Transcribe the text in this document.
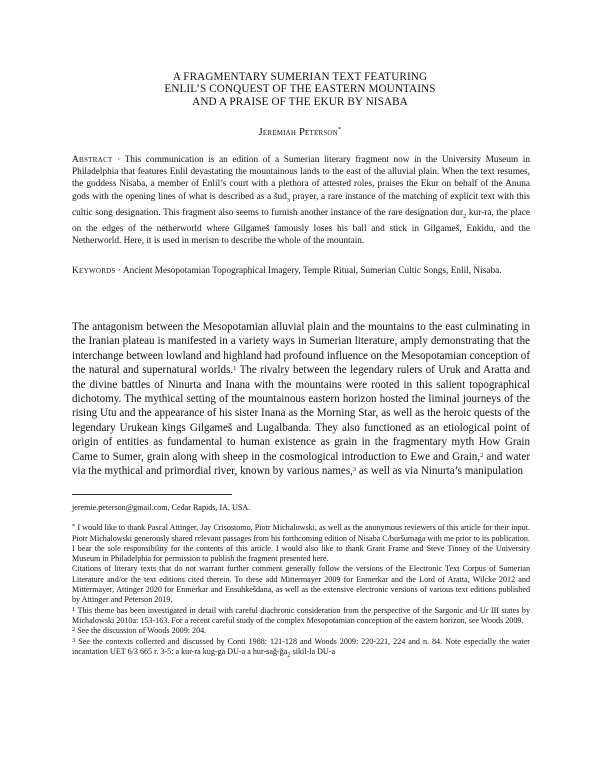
A FRAGMENTARY SUMERIAN TEXT FEATURING
ENLIL’S CONQUEST OF THE EASTERN MOUNTAINS
AND A PRAISE OF THE EKUR BY NISABA
Jeremiah Peterson*
Abstract · This communication is an edition of a Sumerian literary fragment now in the University Museum in Philadelphia that features Enlil devastating the mountainous lands to the east of the alluvial plain. When the text resumes, the goddess Nisaba, a member of Enlil’s court with a plethora of attested roles, praises the Ekur on behalf of the Anuna gods with the opening lines of what is described as a šud$_3$ prayer, a rare instance of the matching of explicit text with this cultic song designation. This fragment also seems to furnish another instance of the rare designation dur$_2$ kur-ra, the place on the edges of the netherworld where Gilgameš famously loses his ball and stick in Gilgameš, Enkidu, and the Netherworld. Here, it is used in merism to describe the whole of the mountain.
Keywords · Ancient Mesopotamian Topographical Imagery, Temple Ritual, Sumerian Cultic Songs, Enlil, Nisaba.

The antagonism between the Mesopotamian alluvial plain and the mountains to the east culminating in the Iranian plateau is manifested in a variety ways in Sumerian literature, amply demonstrating that the interchange between lowland and highland had profound influence on the Mesopotamian conception of the natural and supernatural worlds.$^1$ The rivalry between the legendary rulers of Uruk and Aratta and the divine battles of Ninurta and Inana with the mountains were rooted in this salient topographical dichotomy. The mythical setting of the mountainous eastern horizon hosted the liminal journeys of the rising Utu and the appearance of his sister Inana as the Morning Star, as well as the heroic quests of the legendary Urukean kings Gilgameš and Lugalbanda. They also functioned as an etiological point of origin of entities as fundamental to human existence as grain in the fragmentary myth How Grain Came to Sumer, grain along with sheep in the cosmological introduction to Ewe and Grain,$^2$ and water via the mythical and primordial river, known by various names,$^3$ as well as via Ninurta’s manipulation

jeremie.peterson@gmail.com, Cedar Rapids, IA, USA.

* I would like to thank Pascal Attinger, Jay Crisostomo, Piotr Michalowski, as well as the anonymous reviewers of this article for their input. Piotr Michalowski generously shared relevant passages from his forthcoming edition of Nisaba C/buršumaga with me prior to its publication. I bear the sole responsibility for the contents of this article. I would also like to thank Grant Frame and Steve Tinney of the University Museum in Philadelphia for permission to publish the fragment presented here.

Citations of literary texts that do not warrant further comment generally follow the versions of the Electronic Text Corpus of Sumerian Literature and/or the text editions cited therein. To these add Mittermayer 2009 for Enmerkar and the Lord of Aratta, Wilcke 2012 and Mittermayer, Attinger 2020 for Enmerkar and Ensuhkešdana, as well as the extensive electronic versions of various text editions published by Attinger and Peterson 2019.

$^1$ This theme has been investigated in detail with careful diachronic consideration from the perspective of the Sargonic and Ur III states by Michalowski 2010a: 153-163. For a recent careful study of the complex Mesopotamian conception of the eastern horizon, see Woods 2009.

$^2$ See the discussion of Woods 2009: 204.

$^3$ See the contexts collected and discussed by Conti 1988: 121-128 and Woods 2009: 220-221, 224 and n. 84. Note especially the water incantation UET 6/3 665 r. 3-5: a kur-ra kug-ga DU-a a hur-$sağ-ğa_2$ sikil-la DU-a
